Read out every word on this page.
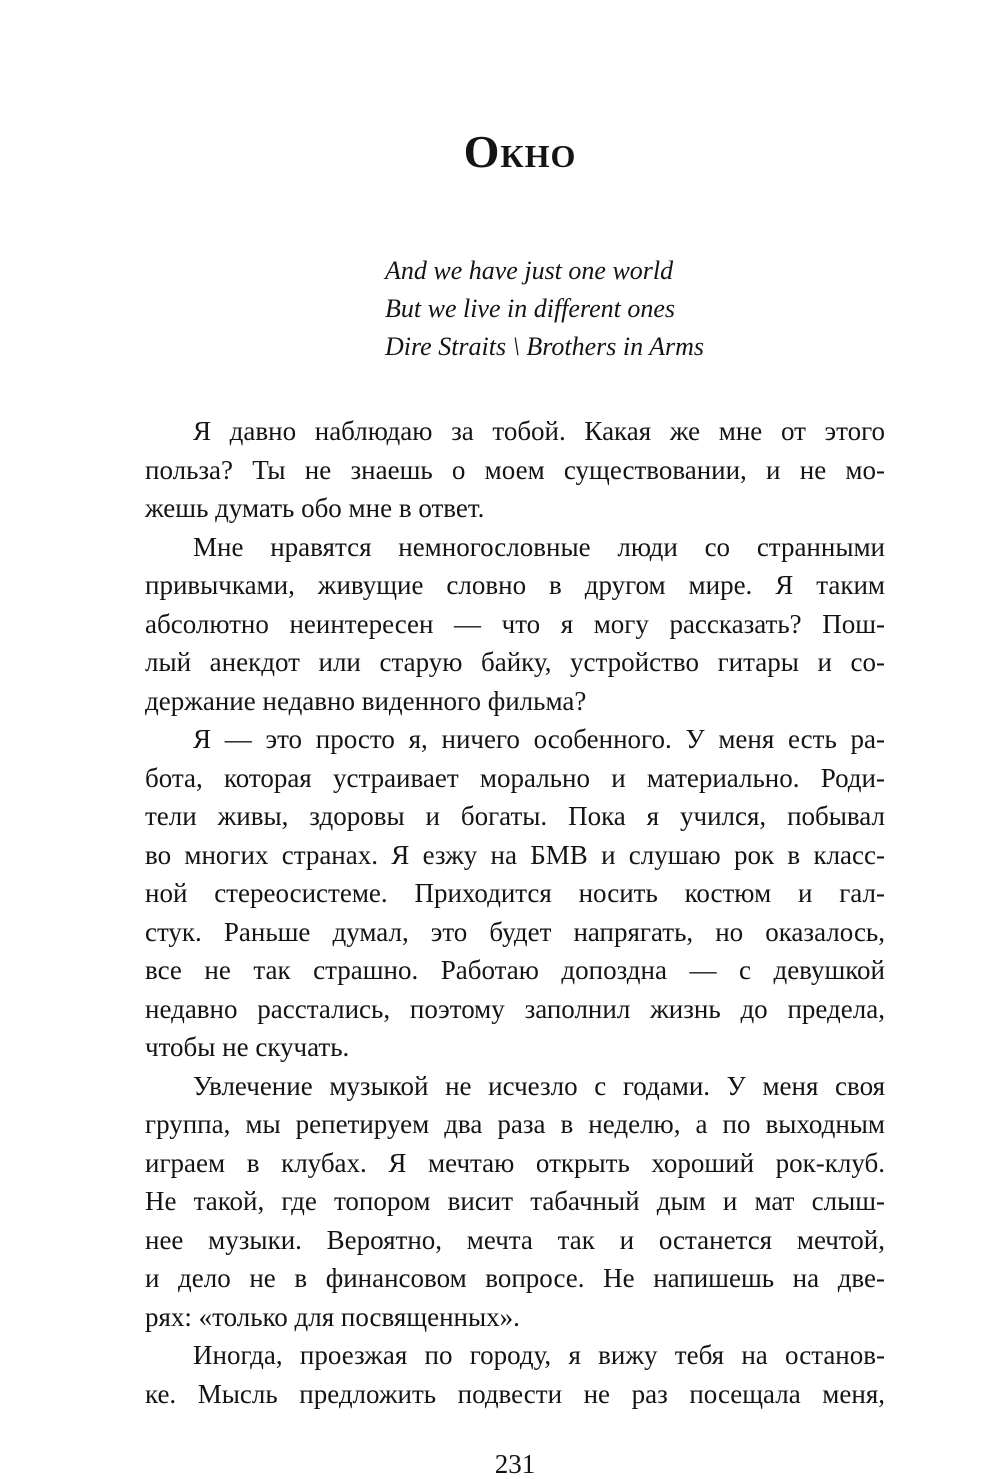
Окно
And we have just one world
But we live in different ones
Dire Straits \ Brothers in Arms
Я давно наблюдаю за тобой. Какая же мне от этого
польза? Ты не знаешь о моем существовании, и не мо-
жешь думать обо мне в ответ.
Мне нравятся немногословные люди со странными
привычками, живущие словно в другом мире. Я таким
абсолютно неинтересен — что я могу рассказать? Пош-
лый анекдот или старую байку, устройство гитары и со-
держание недавно виденного фильма?
Я — это просто я, ничего особенного. У меня есть ра-
бота, которая устраивает морально и материально. Роди-
тели живы, здоровы и богаты. Пока я учился, побывал
во многих странах. Я езжу на БМВ и слушаю рок в класс-
ной стереосистеме. Приходится носить костюм и гал-
стук. Раньше думал, это будет напрягать, но оказалось,
все не так страшно. Работаю допоздна — с девушкой
недавно расстались, поэтому заполнил жизнь до предела,
чтобы не скучать.
Увлечение музыкой не исчезло с годами. У меня своя
группа, мы репетируем два раза в неделю, а по выходным
играем в клубах. Я мечтаю открыть хороший рок-клуб.
Не такой, где топором висит табачный дым и мат слыш-
нее музыки. Вероятно, мечта так и останется мечтой,
и дело не в финансовом вопросе. Не напишешь на две-
рях: «только для посвященных».
Иногда, проезжая по городу, я вижу тебя на останов-
ке. Мысль предложить подвести не раз посещала меня,
231
